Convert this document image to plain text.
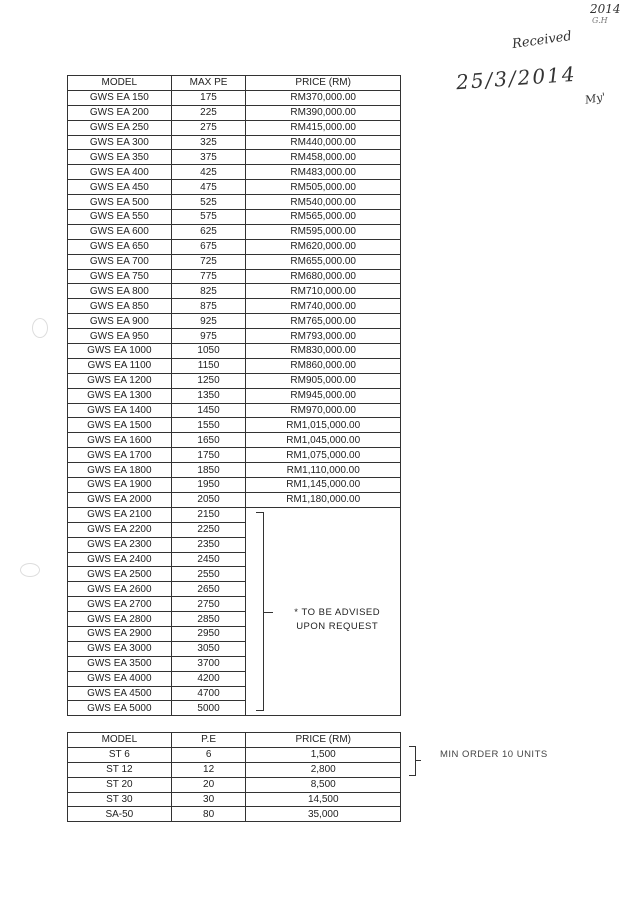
2014
G.H
Received
25/3/2014
My'
MODEL	MAX PE	PRICE (RM)
GWS EA 150	175	RM370,000.00
GWS EA 200	225	RM390,000.00
GWS EA 250	275	RM415,000.00
GWS EA 300	325	RM440,000.00
GWS EA 350	375	RM458,000.00
GWS EA 400	425	RM483,000.00
GWS EA 450	475	RM505,000.00
GWS EA 500	525	RM540,000.00
GWS EA 550	575	RM565,000.00
GWS EA 600	625	RM595,000.00
GWS EA 650	675	RM620,000.00
GWS EA 700	725	RM655,000.00
GWS EA 750	775	RM680,000.00
GWS EA 800	825	RM710,000.00
GWS EA 850	875	RM740,000.00
GWS EA 900	925	RM765,000.00
GWS EA 950	975	RM793,000.00
GWS EA 1000	1050	RM830,000.00
GWS EA 1100	1150	RM860,000.00
GWS EA 1200	1250	RM905,000.00
GWS EA 1300	1350	RM945,000.00
GWS EA 1400	1450	RM970,000.00
GWS EA 1500	1550	RM1,015,000.00
GWS EA 1600	1650	RM1,045,000.00
GWS EA 1700	1750	RM1,075,000.00
GWS EA 1800	1850	RM1,110,000.00
GWS EA 1900	1950	RM1,145,000.00
GWS EA 2000	2050	RM1,180,000.00
GWS EA 2100	2150	* TO BE ADVISED
UPON REQUEST

GWS EA 2200	2250	
GWS EA 2300	2350	
GWS EA 2400	2450	
GWS EA 2500	2550	
GWS EA 2600	2650	
GWS EA 2700	2750	
GWS EA 2800	2850	
GWS EA 2900	2950	
GWS EA 3000	3050	
GWS EA 3500	3700	
GWS EA 4000	4200	
GWS EA 4500	4700	
GWS EA 5000	5000	
MODEL	P.E	PRICE (RM)
ST 6	6	1,500
ST 12	12	2,800
ST 20	20	8,500
ST 30	30	14,500
SA-50	80	35,000
MIN ORDER 10 UNITS
